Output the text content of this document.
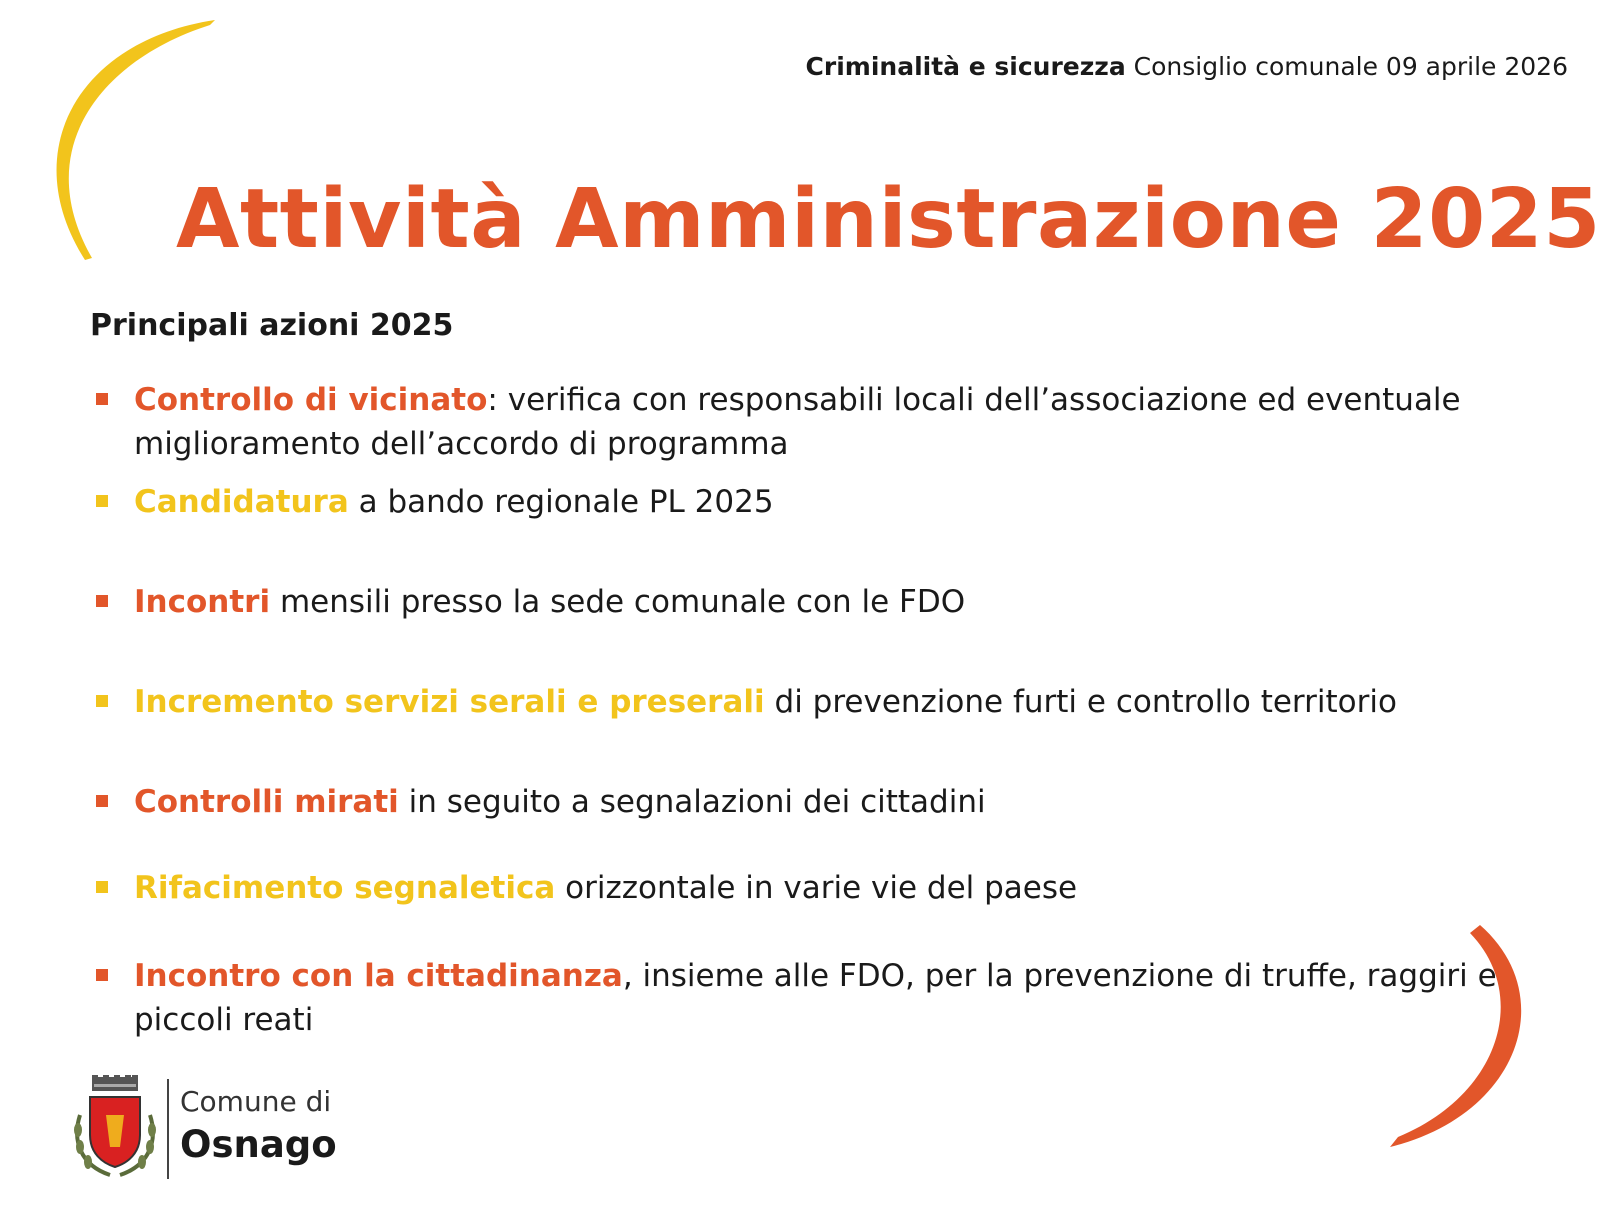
Criminalità e sicurezza Consiglio comunale 09 aprile 2026
Attività Amministrazione 2025
Principali azioni 2025
Controllo di vicinato: verifica con responsabili locali dell’associazione ed eventuale miglioramento dell’accordo di programma
Candidatura a bando regionale PL 2025
Incontri mensili presso la sede comunale con le FDO
Incremento servizi serali e preserali di prevenzione furti e controllo territorio
Controlli mirati in seguito a segnalazioni dei cittadini
Rifacimento segnaletica orizzontale in varie vie del paese
Incontro con la cittadinanza, insieme alle FDO, per la prevenzione di truffe, raggiri e piccoli reati
Comune di
Osnago
